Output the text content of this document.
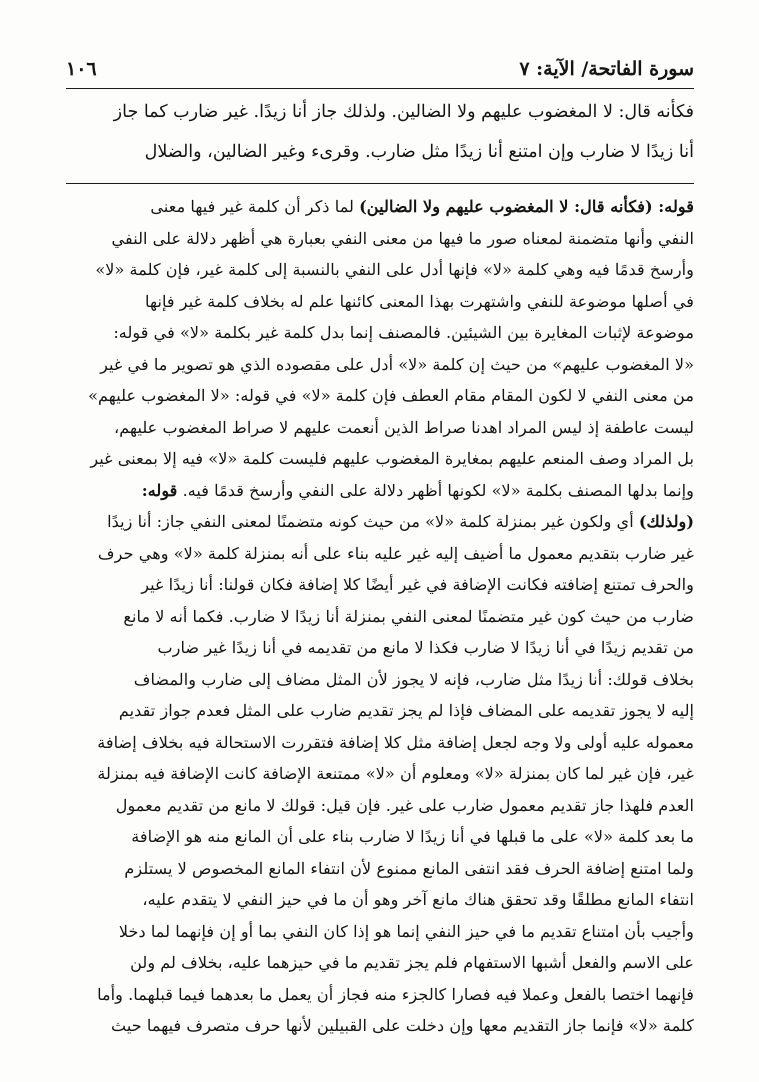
سورة الفاتحة/ الآية: ٧
١٠٦
فكأنه قال: لا المغضوب عليهم ولا الضالين. ولذلك جاز أنا زيدًا. غير ضارب كما جاز
أنا زيدًا لا ضارب وإن امتنع أنا زيدًا مثل ضارب. وقرىء وغير الضالين، والضلال
قوله: (فكأنه قال: لا المغضوب عليهم ولا الضالين) لما ذكر أن كلمة غير فيها معنى
النفي وأنها متضمنة لمعناه صور ما فيها من معنى النفي بعبارة هي أظهر دلالة على النفي
وأرسخ قدمًا فيه وهي كلمة «لا» فإنها أدل على النفي بالنسبة إلى كلمة غير، فإن كلمة «لا»
في أصلها موضوعة للنفي واشتهرت بهذا المعنى كائنها علم له بخلاف كلمة غير فإنها
موضوعة لإثبات المغايرة بين الشيئين. فالمصنف إنما بدل كلمة غير بكلمة «لا» في قوله:
«لا المغضوب عليهم» من حيث إن كلمة «لا» أدل على مقصوده الذي هو تصوير ما في غير
من معنى النفي لا لكون المقام مقام العطف فإن كلمة «لا» في قوله: «لا المغضوب عليهم»
ليست عاطفة إذ ليس المراد اهدنا صراط الذين أنعمت عليهم لا صراط المغضوب عليهم،
بل المراد وصف المنعم عليهم بمغايرة المغضوب عليهم فليست كلمة «لا» فيه إلا بمعنى غير
وإنما بدلها المصنف بكلمة «لا» لكونها أظهر دلالة على النفي وأرسخ قدمًا فيه. قوله:
(ولذلك) أي ولكون غير بمنزلة كلمة «لا» من حيث كونه متضمنًا لمعنى النفي جاز: أنا زيدًا
غير ضارب بتقديم معمول ما أضيف إليه غير عليه بناء على أنه بمنزلة كلمة «لا» وهي حرف
والحرف تمتنع إضافته فكانت الإضافة في غير أيضًا كلا إضافة فكان قولنا: أنا زيدًا غير
ضارب من حيث كون غير متضمنًا لمعنى النفي بمنزلة أنا زيدًا لا ضارب. فكما أنه لا مانع
من تقديم زيدًا في أنا زيدًا لا ضارب فكذا لا مانع من تقديمه في أنا زيدًا غير ضارب
بخلاف قولك: أنا زيدًا مثل ضارب، فإنه لا يجوز لأن المثل مضاف إلى ضارب والمضاف
إليه لا يجوز تقديمه على المضاف فإذا لم يجز تقديم ضارب على المثل فعدم جواز تقديم
معموله عليه أولى ولا وجه لجعل إضافة مثل كلا إضافة فتقررت الاستحالة فيه بخلاف إضافة
غير، فإن غير لما كان بمنزلة «لا» ومعلوم أن «لا» ممتنعة الإضافة كانت الإضافة فيه بمنزلة
العدم فلهذا جاز تقديم معمول ضارب على غير. فإن قيل: قولك لا مانع من تقديم معمول
ما بعد كلمة «لا» على ما قبلها في أنا زيدًا لا ضارب بناء على أن المانع منه هو الإضافة
ولما امتنع إضافة الحرف فقد انتفى المانع ممنوع لأن انتفاء المانع المخصوص لا يستلزم
انتفاء المانع مطلقًا وقد تحقق هناك مانع آخر وهو أن ما في حيز النفي لا يتقدم عليه،
وأجيب بأن امتناع تقديم ما في حيز النفي إنما هو إذا كان النفي بما أو إن فإنهما لما دخلا
على الاسم والفعل أشبها الاستفهام فلم يجز تقديم ما في حيزهما عليه، بخلاف لم ولن
فإنهما اختصا بالفعل وعملا فيه فصارا كالجزء منه فجاز أن يعمل ما بعدهما فيما قبلهما. وأما
كلمة «لا» فإنما جاز التقديم معها وإن دخلت على القبيلين لأنها حرف متصرف فيهما حيث
